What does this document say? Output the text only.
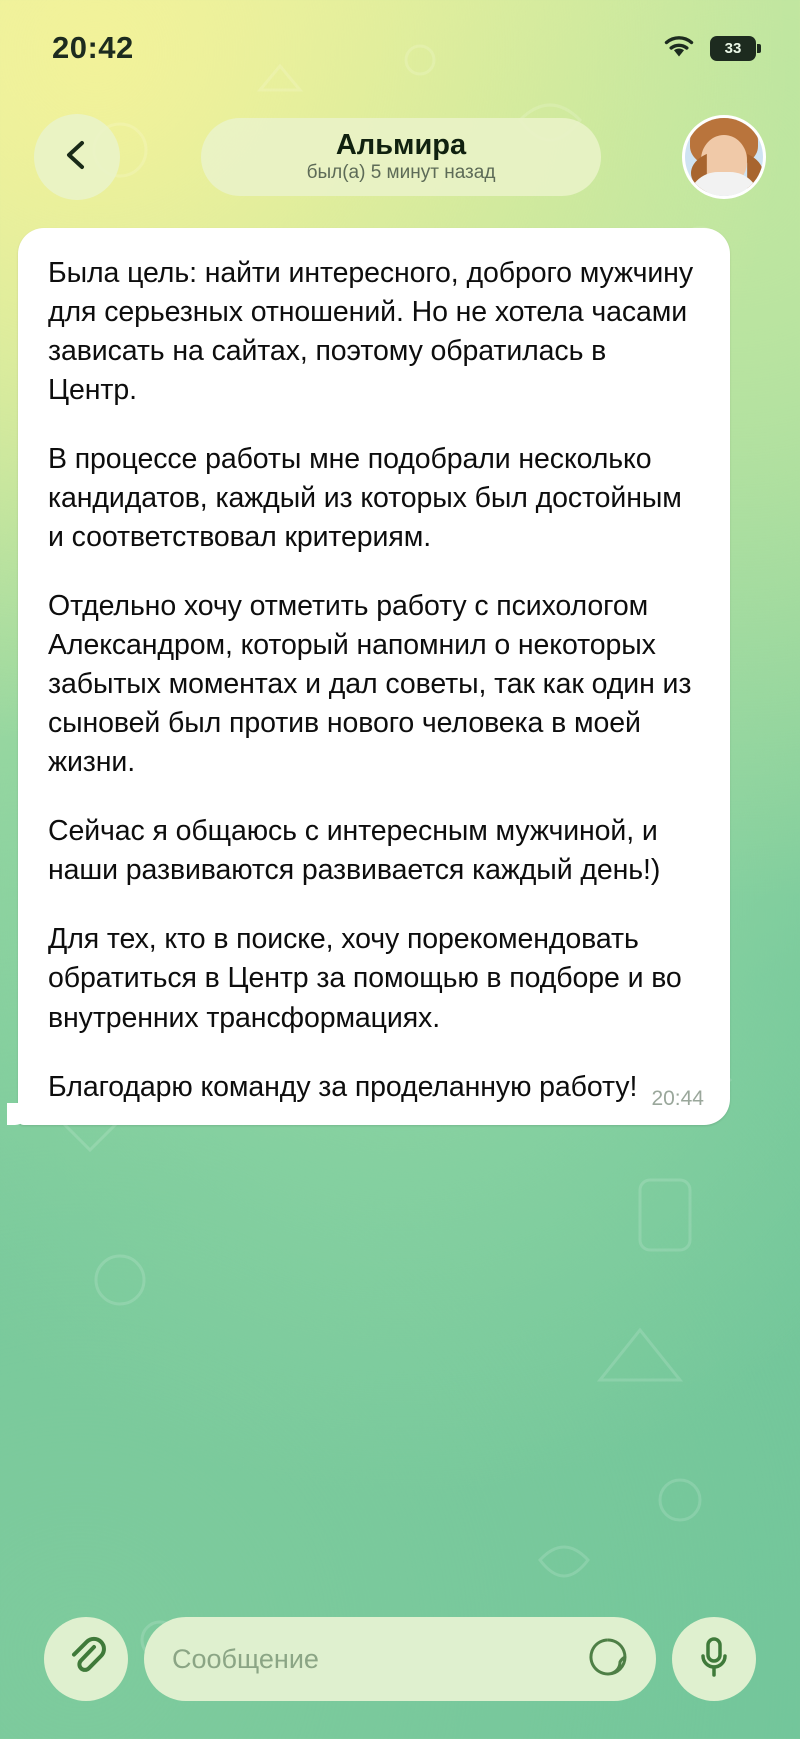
20:42	33
Альмира
был(а) 5 минут назад

Была цель: найти интересного, доброго мужчину для серьезных отношений. Но не хотела часами зависать на сайтах, поэтому обратилась в Центр.

В процессе работы мне подобрали несколько кандидатов, каждый из которых был достойным и соответствовал критериям.

Отдельно хочу отметить работу с психологом Александром, который напомнил о некоторых забытых моментах и дал советы, так как один из сыновей был против нового человека в моей жизни.

Сейчас я общаюсь с интересным мужчиной, и наши развиваются развивается каждый день!)

Для тех, кто в поиске, хочу порекомендовать обратиться в Центр за помощью в подборе и во внутренних трансформациях.

Благодарю команду за проделанную работу! 20:44
Сообщение
